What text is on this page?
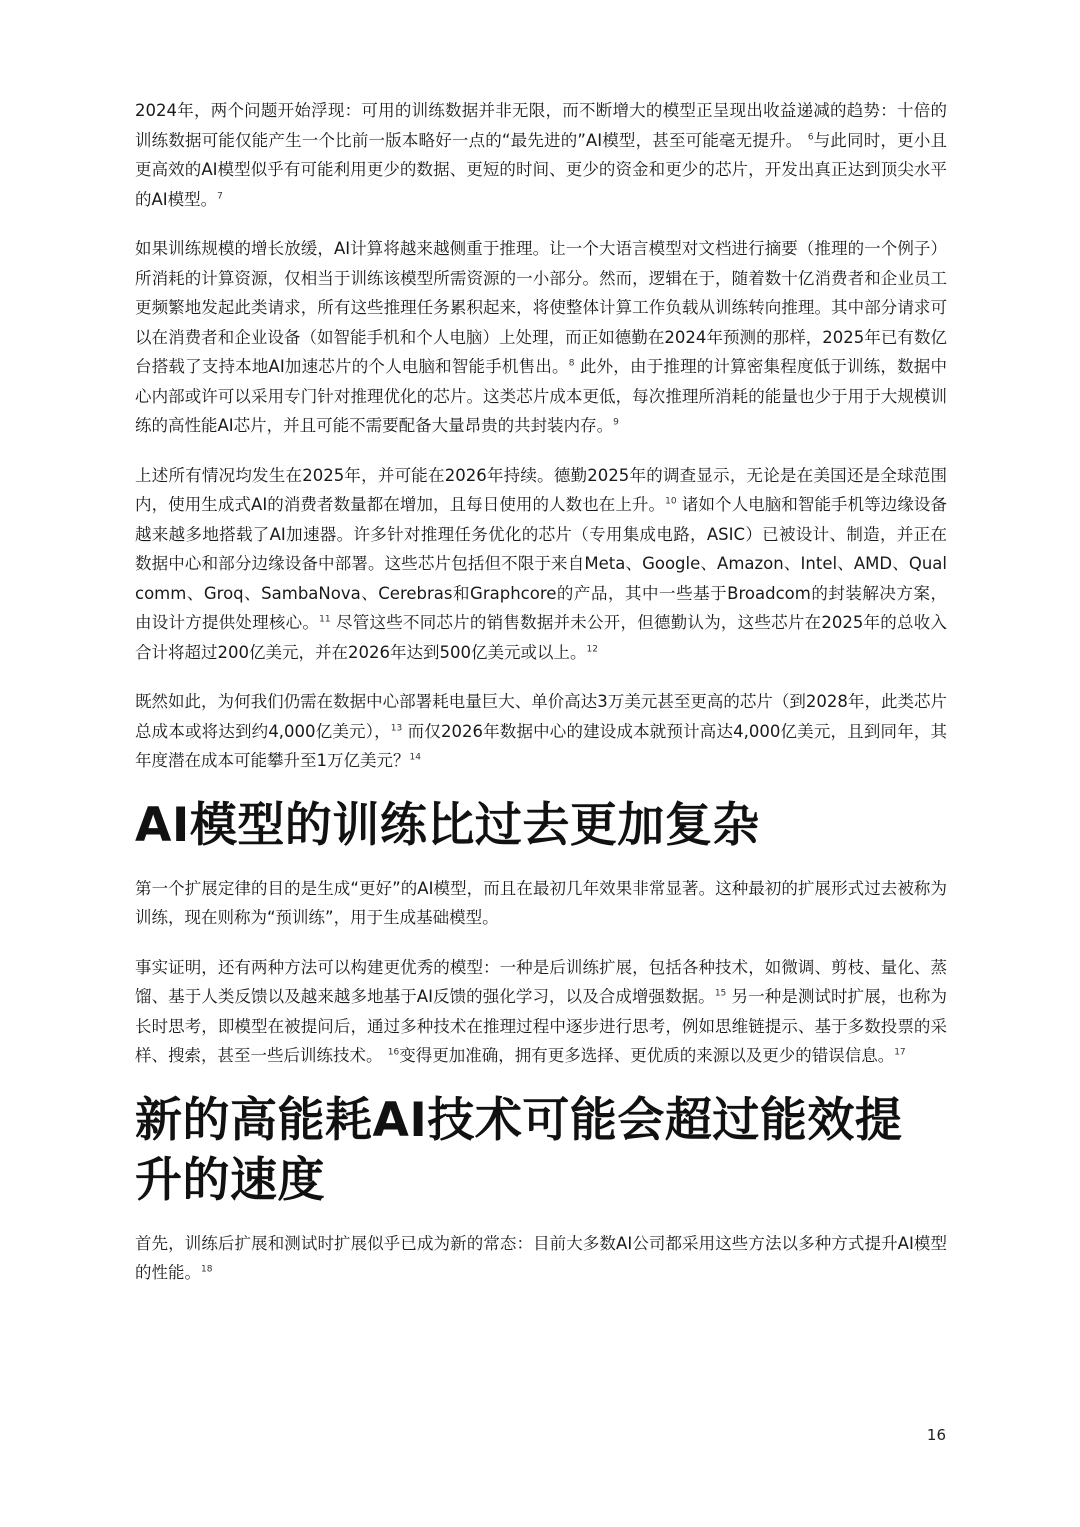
2024年，两个问题开始浮现：可用的训练数据并非无限，而不断增大的模型正呈现出收益递减的趋势：十倍的训练数据可能仅能产生一个比前一版本略好一点的“最先进的”AI模型，甚至可能毫无提升。 $^6$与此同时，更小且更高效的AI模型似乎有可能利用更少的数据、更短的时间、更少的资金和更少的芯片，开发出真正达到顶尖水平的AI模型。$^7$

如果训练规模的增长放缓，AI计算将越来越侧重于推理。让一个大语言模型对文档进行摘要（推理的一个例子）所消耗的计算资源，仅相当于训练该模型所需资源的一小部分。然而，逻辑在于，随着数十亿消费者和企业员工更频繁地发起此类请求，所有这些推理任务累积起来，将使整体计算工作负载从训练转向推理。其中部分请求可以在消费者和企业设备（如智能手机和个人电脑）上处理，而正如德勤在2024年预测的那样，2025年已有数亿台搭载了支持本地AI加速芯片的个人电脑和智能手机售出。$^8$ 此外，由于推理的计算密集程度低于训练，数据中心内部或许可以采用专门针对推理优化的芯片。这类芯片成本更低，每次推理所消耗的能量也少于用于大规模训练的高性能AI芯片，并且可能不需要配备大量昂贵的共封装内存。$^9$

上述所有情况均发生在2025年，并可能在2026年持续。德勤2025年的调查显示，无论是在美国还是全球范围内，使用生成式AI的消费者数量都在增加，且每日使用的人数也在上升。$^{10}$ 诸如个人电脑和智能手机等边缘设备越来越多地搭载了AI加速器。许多针对推理任务优化的芯片（专用集成电路，ASIC）已被设计、制造，并正在数据中心和部分边缘设备中部署。这些芯片包括但不限于来自Meta、Google、Amazon、Intel、AMD、Qualcomm、Groq、SambaNova、Cerebras和Graphcore的产品，其中一些基于Broadcom的封装解决方案，由设计方提供处理核心。$^{11}$ 尽管这些不同芯片的销售数据并未公开，但德勤认为，这些芯片在2025年的总收入合计将超过200亿美元，并在2026年达到500亿美元或以上。$^{12}$

既然如此，为何我们仍需在数据中心部署耗电量巨大、单价高达3万美元甚至更高的芯片（到2028年，此类芯片总成本或将达到约4,000亿美元），$^{13}$ 而仅2026年数据中心的建设成本就预计高达4,000亿美元，且到同年，其年度潜在成本可能攀升至1万亿美元？$^{14}$

AI模型的训练比过去更加复杂

第一个扩展定律的目的是生成“更好”的AI模型，而且在最初几年效果非常显著。这种最初的扩展形式过去被称为训练，现在则称为“预训练”，用于生成基础模型。

事实证明，还有两种方法可以构建更优秀的模型：一种是后训练扩展，包括各种技术，如微调、剪枝、量化、蒸馏、基于人类反馈以及越来越多地基于AI反馈的强化学习，以及合成增强数据。$^{15}$ 另一种是测试时扩展，也称为长时思考，即模型在被提问后，通过多种技术在推理过程中逐步进行思考，例如思维链提示、基于多数投票的采样、搜索，甚至一些后训练技术。 $^{16}$变得更加准确，拥有更多选择、更优质的来源以及更少的错误信息。$^{17}$

新的高能耗AI技术可能会超过能效提升的速度

首先，训练后扩展和测试时扩展似乎已成为新的常态：目前大多数AI公司都采用这些方法以多种方式提升AI模型的性能。$^{18}$

16
